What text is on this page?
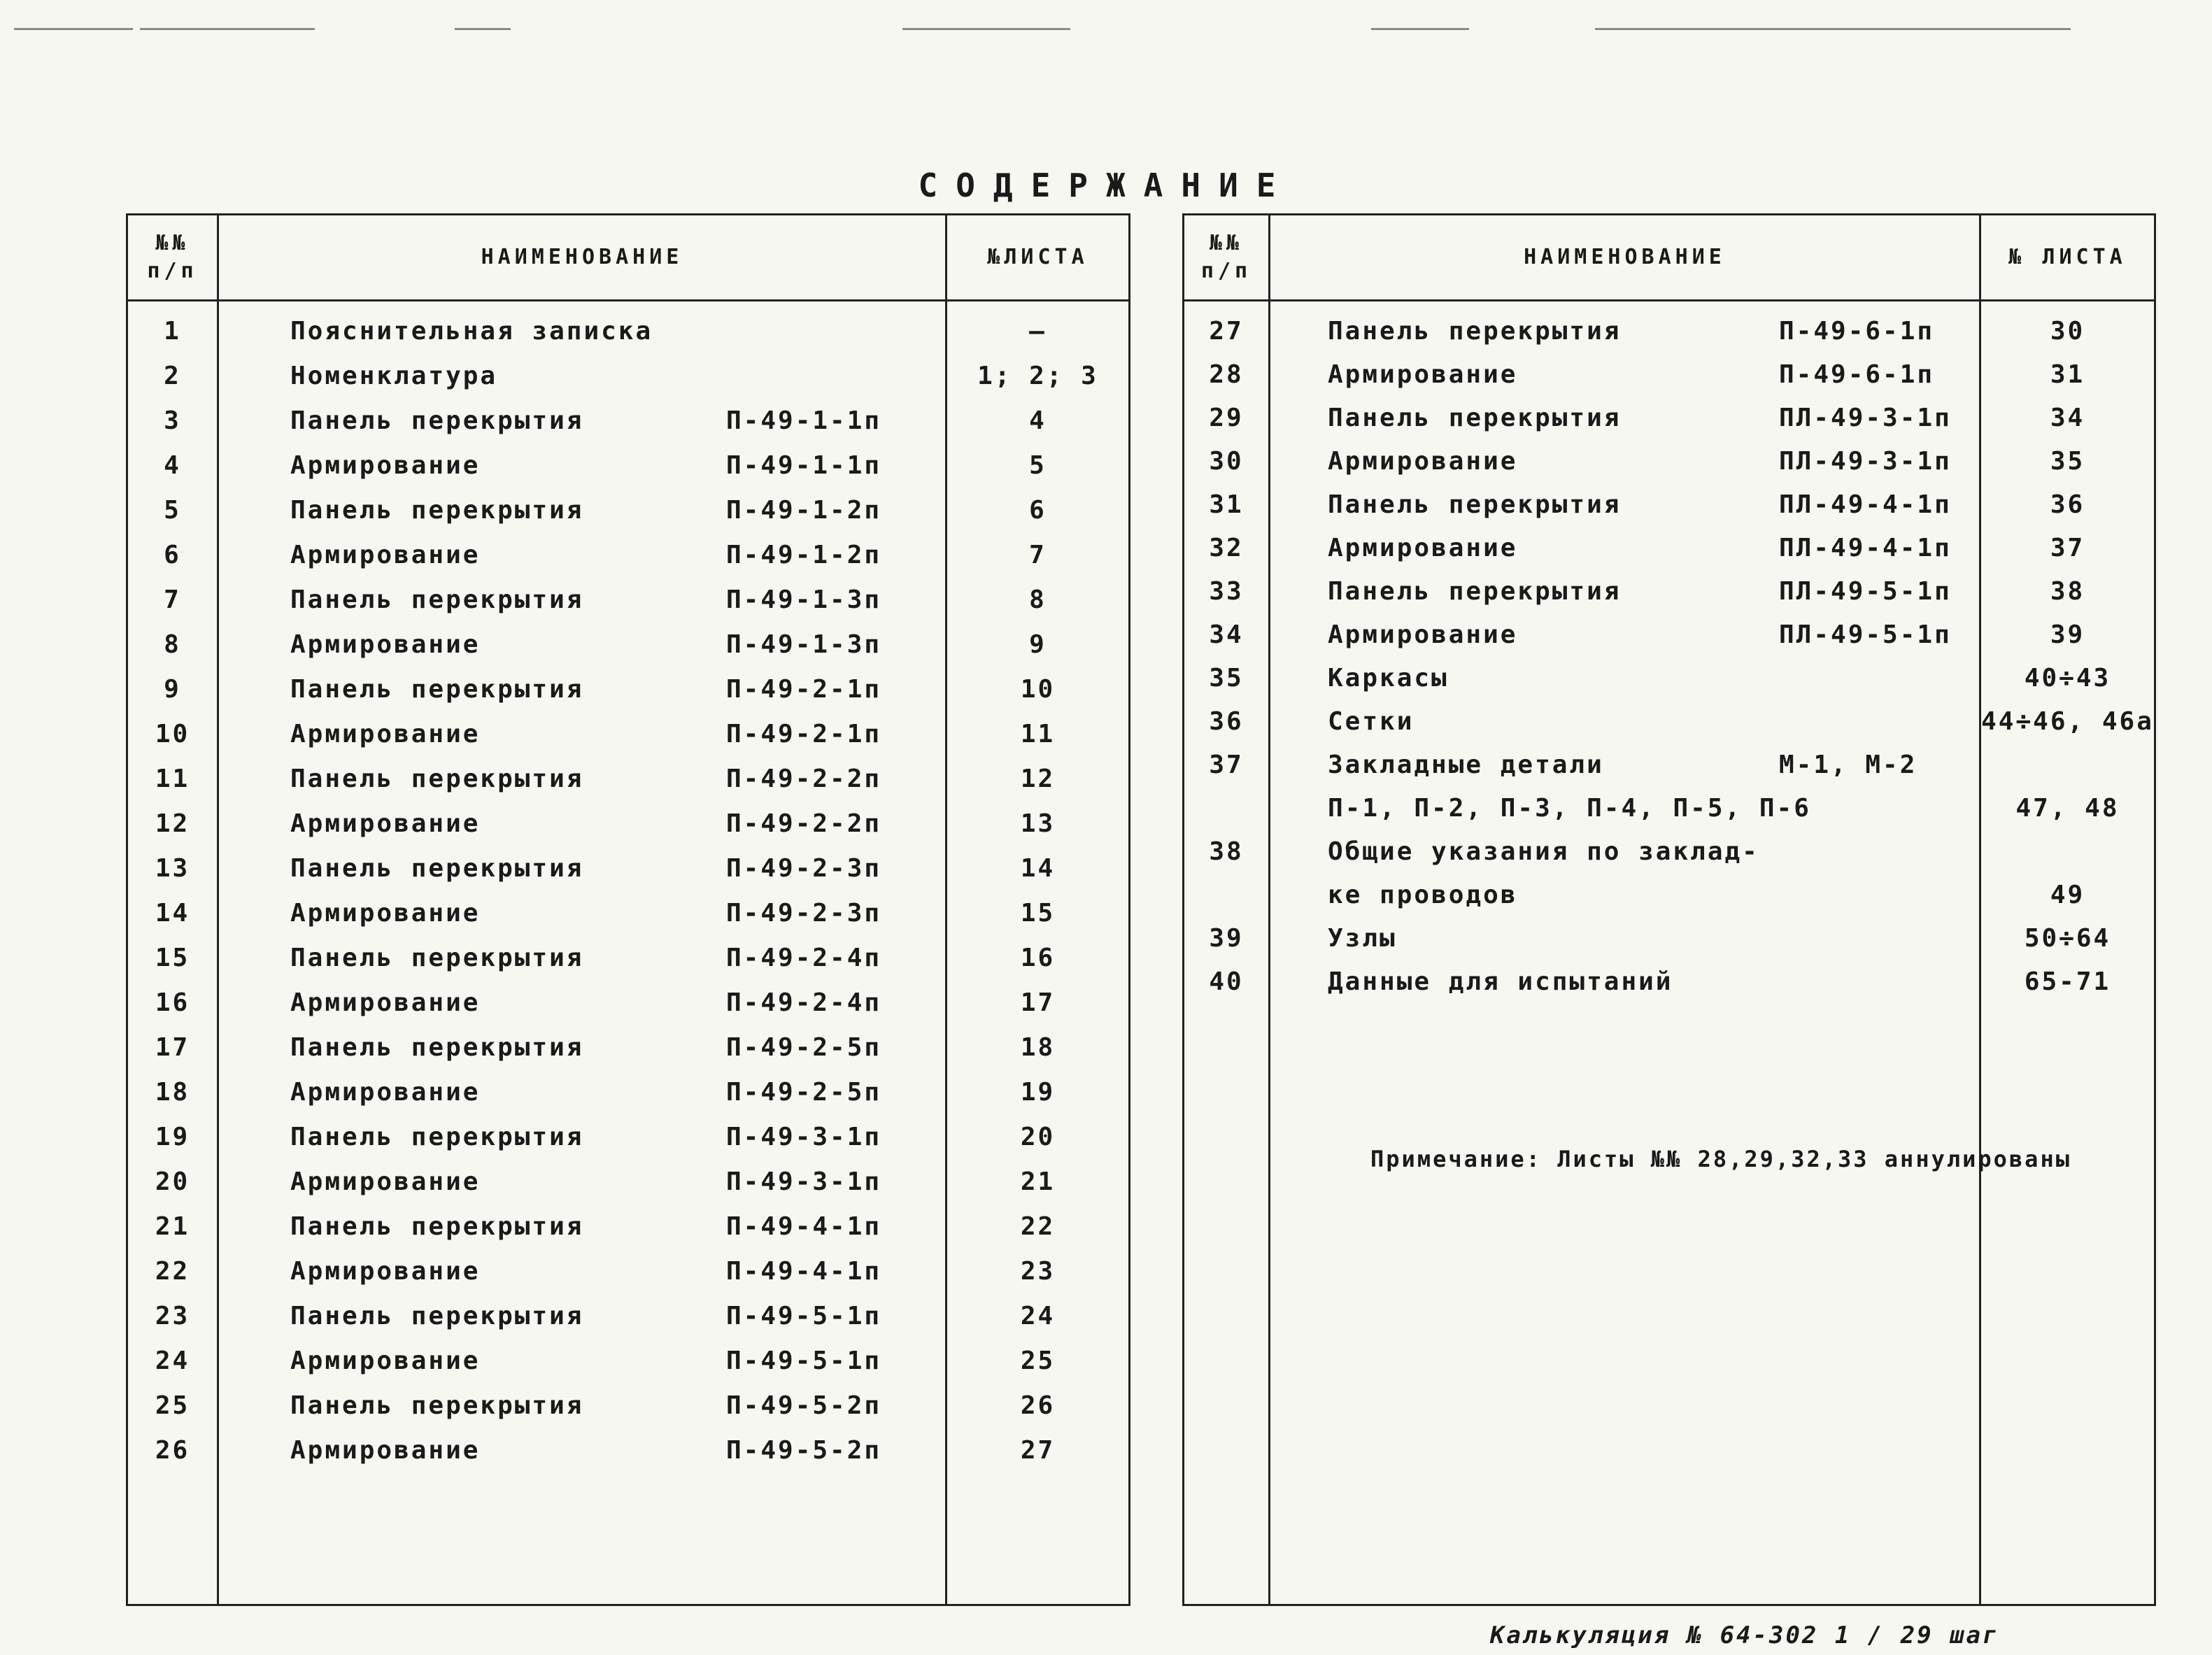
СОДЕРЖАНИЕ
№№
п/п
НАИМЕНОВАНИЕ	№ЛИСТА
1	Пояснительная записка	—
2	Номенклатура	1; 2; 3
3	Панель перекрытия	П-49-1-1п	4
4	Армирование	П-49-1-1п	5
5	Панель перекрытия	П-49-1-2п	6
6	Армирование	П-49-1-2п	7
7	Панель перекрытия	П-49-1-3п	8
8	Армирование	П-49-1-3п	9
9	Панель перекрытия	П-49-2-1п	10
10	Армирование	П-49-2-1п	11
11	Панель перекрытия	П-49-2-2п	12
12	Армирование	П-49-2-2п	13
13	Панель перекрытия	П-49-2-3п	14
14	Армирование	П-49-2-3п	15
15	Панель перекрытия	П-49-2-4п	16
16	Армирование	П-49-2-4п	17
17	Панель перекрытия	П-49-2-5п	18
18	Армирование	П-49-2-5п	19
19	Панель перекрытия	П-49-3-1п	20
20	Армирование	П-49-3-1п	21
21	Панель перекрытия	П-49-4-1п	22
22	Армирование	П-49-4-1п	23
23	Панель перекрытия	П-49-5-1п	24
24	Армирование	П-49-5-1п	25
25	Панель перекрытия	П-49-5-2п	26
26	Армирование	П-49-5-2п	27
№№
п/п
НАИМЕНОВАНИЕ	№ ЛИСТА
27	Панель перекрытия	П-49-6-1п	30
28	Армирование	П-49-6-1п	31
29	Панель перекрытия	ПЛ-49-3-1п	34
30	Армирование	ПЛ-49-3-1п	35
31	Панель перекрытия	ПЛ-49-4-1п	36
32	Армирование	ПЛ-49-4-1п	37
33	Панель перекрытия	ПЛ-49-5-1п	38
34	Армирование	ПЛ-49-5-1п	39
35	Каркасы	40÷43
36	Сетки	44÷46, 46а
37	Закладные детали	М-1, М-2
П-1, П-2, П-3, П-4, П-5, П-6	47, 48
38	Общие указания по заклад-
ке проводов	49
39	Узлы	50÷64
40	Данные для испытаний	65-71
Примечание: Листы №№ 28,29,32,33 аннулированы
Калькуляция № 64-302 1 / 29 шаг
